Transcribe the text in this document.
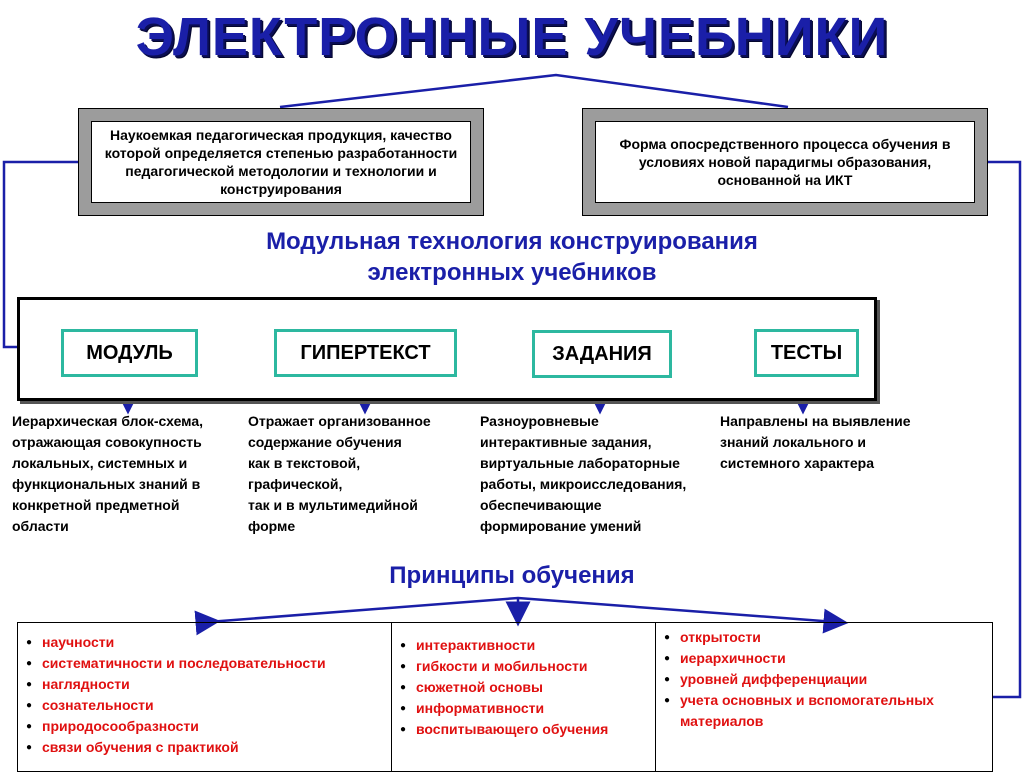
ЭЛЕКТРОННЫЕ УЧЕБНИКИ
Наукоемкая педагогическая продукция, качество которой определяется степенью разработанности педагогической методологии и технологии и конструирования
Форма опосредственного процесса обучения в условиях новой парадигмы образования, основанной на ИКТ
Модульная технология конструирования
электронных учебников
МОДУЛЬ	ГИПЕРТЕКСТ	ЗАДАНИЯ	ТЕСТЫ
Иерархическая блок-схема,
отражающая совокупность
локальных, системных и
функциональных знаний в
конкретной предметной
области
Отражает организованное
содержание обучения
как в текстовой,
графической,
так и в мультимедийной
форме
Разноуровневые
интерактивные задания,
виртуальные лабораторные
работы, микроисследования,
обеспечивающие
формирование умений
Направлены на выявление
знаний локального и
системного характера
Принципы обучения
● научности
● систематичности и последовательности
● наглядности
● сознательности
● природосообразности
● связи обучения с практикой
● интерактивности
● гибкости и мобильности
● сюжетной основы
● информативности
● воспитывающего обучения
● открытости
● иерархичности
● уровней дифференциации
● учета основных и вспомогательных материалов
